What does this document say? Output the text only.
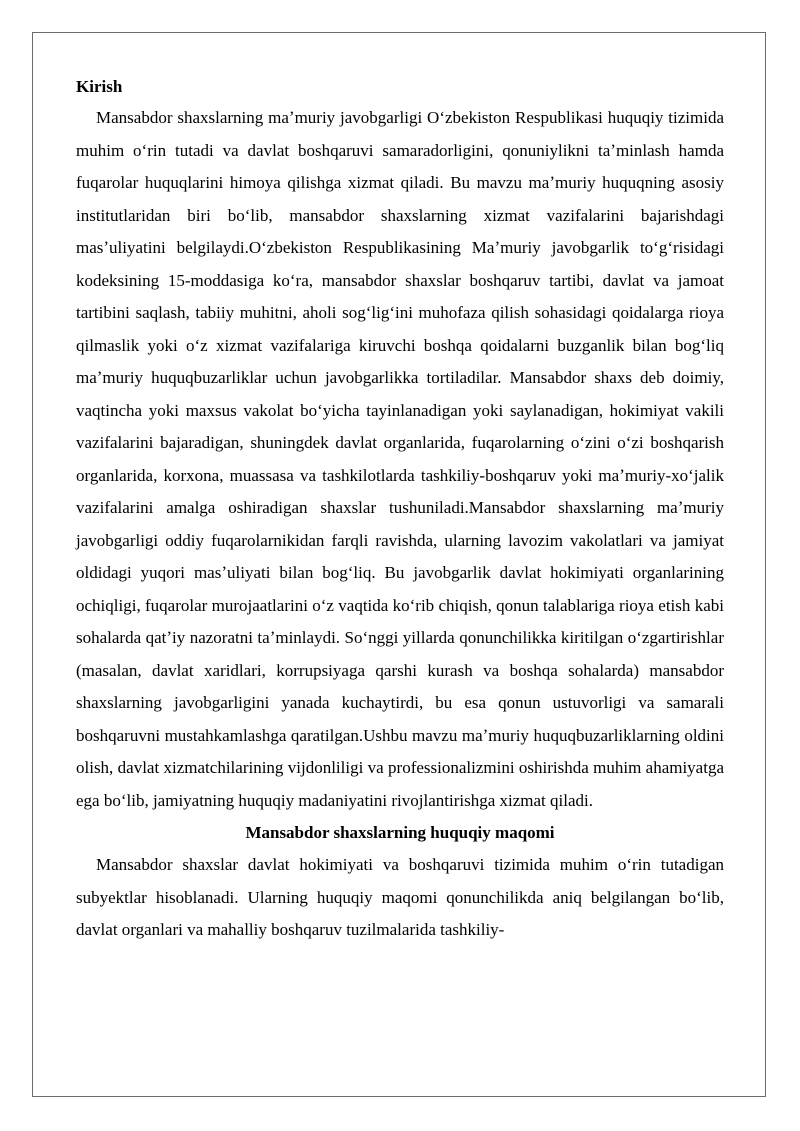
Kirish

Mansabdor shaxslarning maʼmuriy javobgarligi Oʻzbekiston Respublikasi huquqiy tizimida muhim oʻrin tutadi va davlat boshqaruvi samaradorligini, qonuniylikni taʼminlash hamda fuqarolar huquqlarini himoya qilishga xizmat qiladi. Bu mavzu maʼmuriy huquqning asosiy institutlaridan biri boʻlib, mansabdor shaxslarning xizmat vazifalarini bajarishdagi masʼuliyatini belgilaydi.Oʻzbekiston Respublikasining Maʼmuriy javobgarlik toʻgʻrisidagi kodeksining 15-moddasiga koʻra, mansabdor shaxslar boshqaruv tartibi, davlat va jamoat tartibini saqlash, tabiiy muhitni, aholi sogʻligʻini muhofaza qilish sohasidagi qoidalarga rioya qilmaslik yoki oʻz xizmat vazifalariga kiruvchi boshqa qoidalarni buzganlik bilan bogʻliq maʼmuriy huquqbuzarliklar uchun javobgarlikka tortiladilar. Mansabdor shaxs deb doimiy, vaqtincha yoki maxsus vakolat boʻyicha tayinlanadigan yoki saylanadigan, hokimiyat vakili vazifalarini bajaradigan, shuningdek davlat organlarida, fuqarolarning oʻzini oʻzi boshqarish organlarida, korxona, muassasa va tashkilotlarda tashkiliy-boshqaruv yoki maʼmuriy-xoʻjalik vazifalarini amalga oshiradigan shaxslar tushuniladi.Mansabdor shaxslarning maʼmuriy javobgarligi oddiy fuqarolarnikidan farqli ravishda, ularning lavozim vakolatlari va jamiyat oldidagi yuqori masʼuliyati bilan bogʻliq. Bu javobgarlik davlat hokimiyati organlarining ochiqligi, fuqarolar murojaatlarini oʻz vaqtida koʻrib chiqish, qonun talablariga rioya etish kabi sohalarda qatʼiy nazoratni taʼminlaydi. Soʻnggi yillarda qonunchilikka kiritilgan oʻzgartirishlar (masalan, davlat xaridlari, korrupsiyaga qarshi kurash va boshqa sohalarda) mansabdor shaxslarning javobgarligini yanada kuchaytirdi, bu esa qonun ustuvorligi va samarali boshqaruvni mustahkamlashga qaratilgan.Ushbu mavzu maʼmuriy huquqbuzarliklarning oldini olish, davlat xizmatchilarining vijdonliligi va professionalizmini oshirishda muhim ahamiyatga ega boʻlib, jamiyatning huquqiy madaniyatini rivojlantirishga xizmat qiladi.

Mansabdor shaxslarning huquqiy maqomi

Mansabdor shaxslar davlat hokimiyati va boshqaruvi tizimida muhim oʻrin tutadigan subyektlar hisoblanadi. Ularning huquqiy maqomi qonunchilikda aniq belgilangan boʻlib, davlat organlari va mahalliy boshqaruv tuzilmalarida tashkiliy-
